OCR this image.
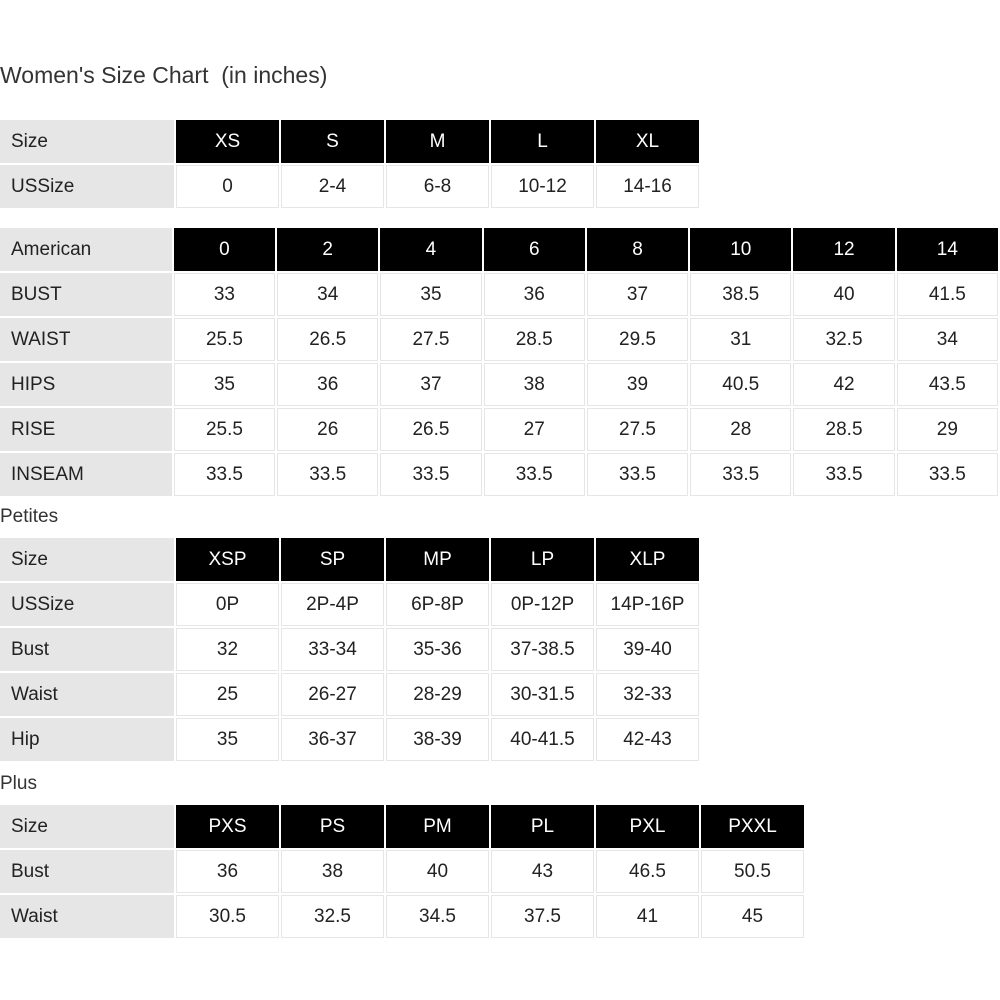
Women's Size Chart  (in inches)
Size	XS	S	M	L	XL
USSize	0	2-4	6-8	10-12	14-16
American	0	2	4	6	8	10	12	14
BUST	33	34	35	36	37	38.5	40	41.5
WAIST	25.5	26.5	27.5	28.5	29.5	31	32.5	34
HIPS	35	36	37	38	39	40.5	42	43.5
RISE	25.5	26	26.5	27	27.5	28	28.5	29
INSEAM	33.5	33.5	33.5	33.5	33.5	33.5	33.5	33.5
Petites
Size	XSP	SP	MP	LP	XLP
USSize	0P	2P-4P	6P-8P	0P-12P	14P-16P
Bust	32	33-34	35-36	37-38.5	39-40
Waist	25	26-27	28-29	30-31.5	32-33
Hip	35	36-37	38-39	40-41.5	42-43
Plus
Size	PXS	PS	PM	PL	PXL	PXXL
Bust	36	38	40	43	46.5	50.5
Waist	30.5	32.5	34.5	37.5	41	45
